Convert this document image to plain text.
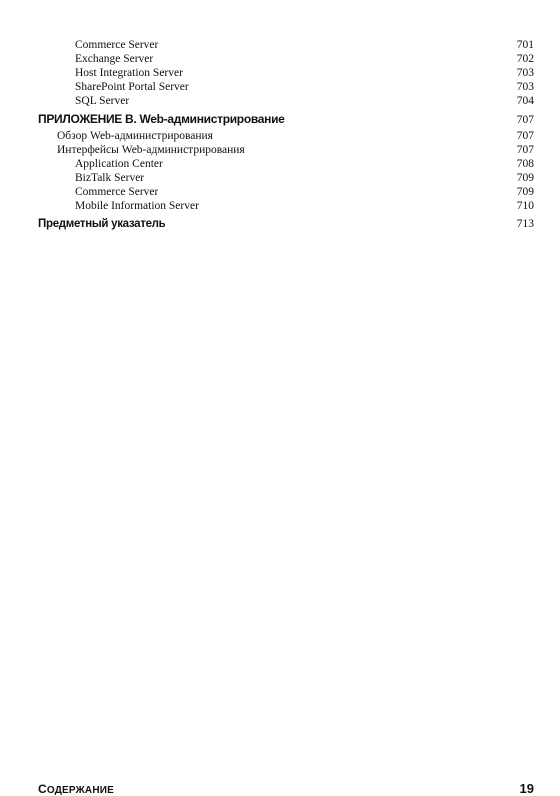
Commerce Server	701
Exchange Server	702
Host Integration Server	703
SharePoint Portal Server	703
SQL Server	704
ПРИЛОЖЕНИЕ В. Web-администрирование	707
Обзор Web-администрирования	707
Интерфейсы Web-администрирования	707
Application Center	708
BizTalk Server	709
Commerce Server	709
Mobile Information Server	710
Предметный указатель	713
СОДЕРЖАНИЕ	19
